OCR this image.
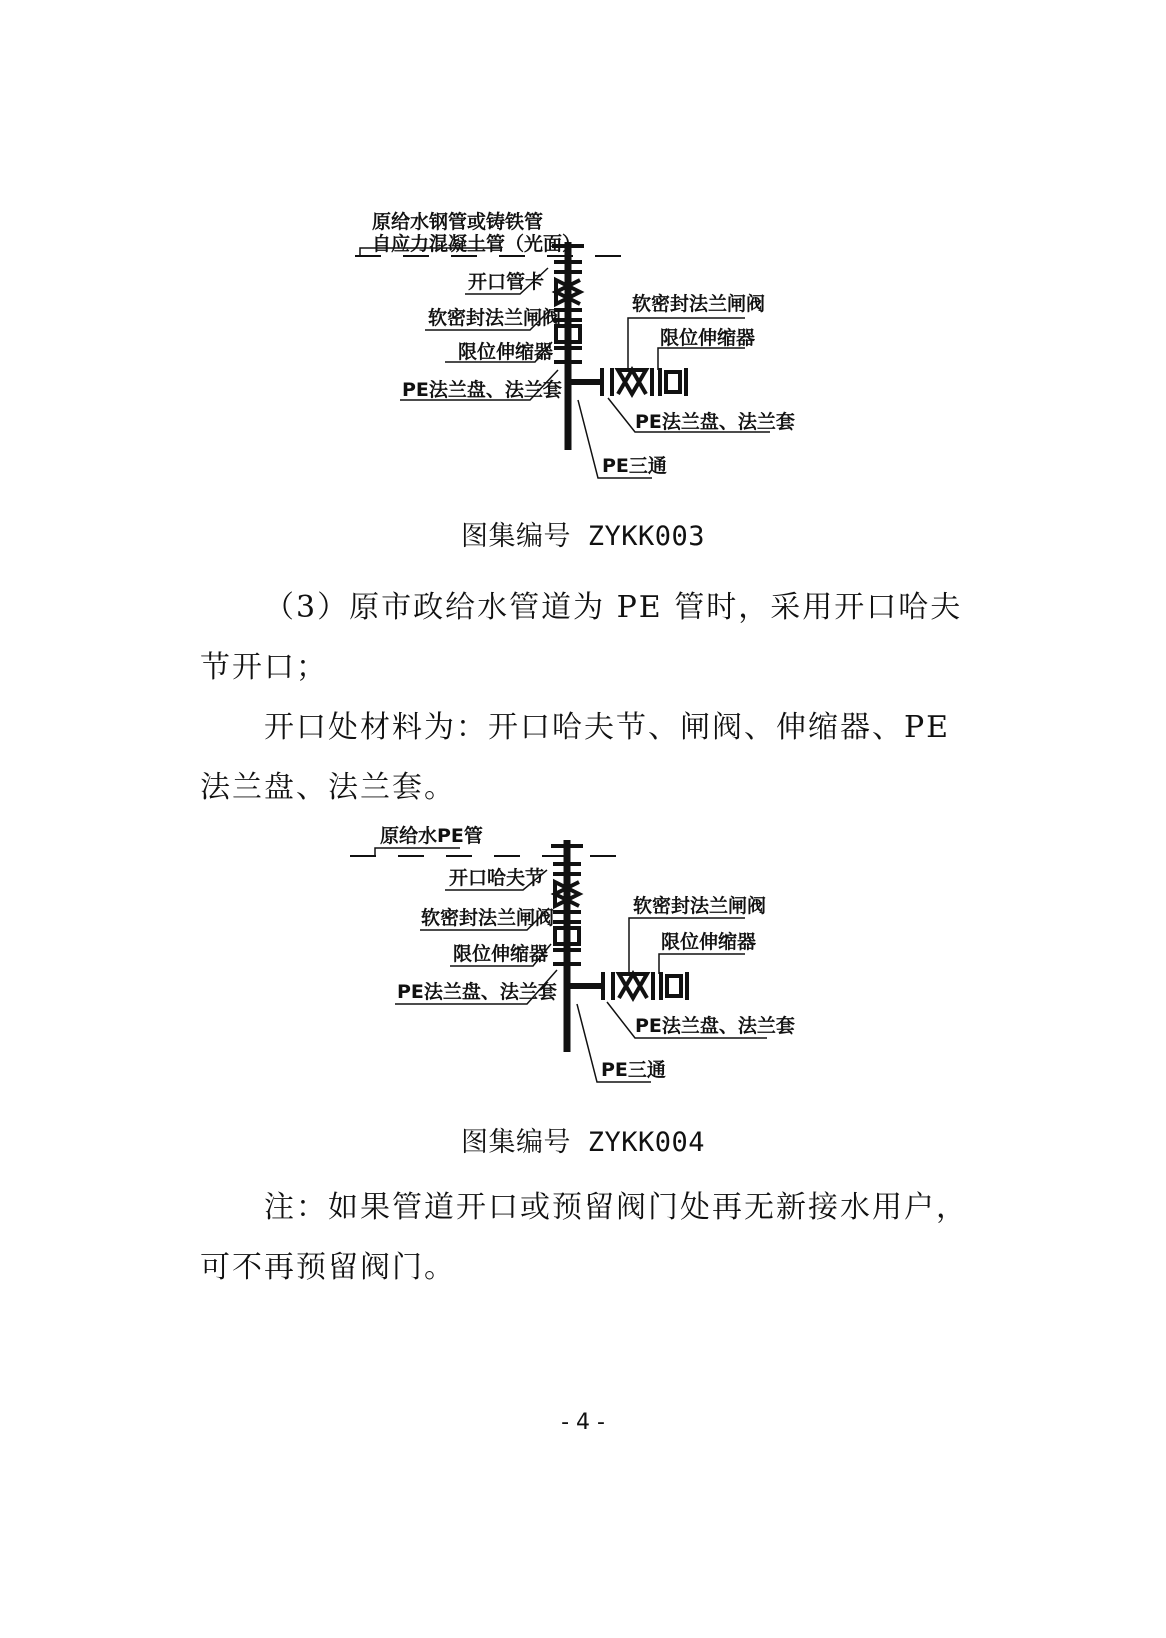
原给水钢管或铸铁管
自应力混凝土管（光面）
开口管卡
软密封法兰闸阀
限位伸缩器
PE法兰盘、法兰套
软密封法兰闸阀
限位伸缩器
PE法兰盘、法兰套
PE三通
图集编号 ZYKK003

（3）原市政给水管道为 PE 管时，采用开口哈夫
节开口；

开口处材料为：开口哈夫节、闸阀、伸缩器、PE
法兰盘、法兰套。

原给水PE管
开口哈夫节
软密封法兰闸阀
限位伸缩器
PE法兰盘、法兰套
软密封法兰闸阀
限位伸缩器
PE法兰盘、法兰套
PE三通
图集编号 ZYKK004

注：如果管道开口或预留阀门处再无新接水用户，
可不再预留阀门。

- 4 -
